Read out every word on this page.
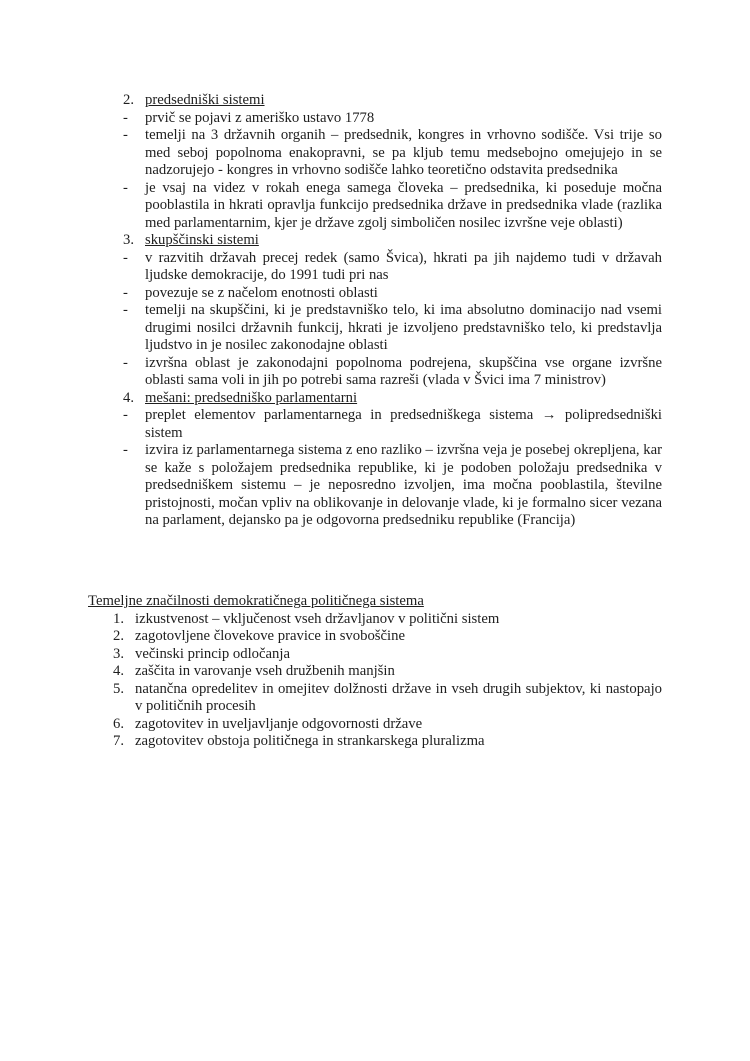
2. predsedniški sistemi
-	prvič se pojavi z ameriško ustavo 1778
-	temelji na 3 državnih organih – predsednik, kongres in vrhovno sodišče. Vsi trije so med seboj popolnoma enakopravni, se pa kljub temu medsebojno omejujejo in se nadzorujejo - kongres in vrhovno sodišče lahko teoretično odstavita predsednika
-	je vsaj na videz v rokah enega samega človeka – predsednika, ki poseduje močna pooblastila in hkrati opravlja funkcijo predsednika države in predsednika vlade (razlika med parlamentarnim, kjer je države zgolj simboličen nosilec izvršne veje oblasti)
3. skupščinski sistemi
-	v razvitih državah precej redek (samo Švica), hkrati pa jih najdemo tudi v državah ljudske demokracije, do 1991 tudi pri nas
-	povezuje se z načelom enotnosti oblasti
-	temelji na skupščini, ki je predstavniško telo, ki ima absolutno dominacijo nad vsemi drugimi nosilci državnih funkcij, hkrati je izvoljeno predstavniško telo, ki predstavlja ljudstvo in je nosilec zakonodajne oblasti
-	izvršna oblast je zakonodajni popolnoma podrejena, skupščina vse organe izvršne oblasti sama voli in jih po potrebi sama razreši (vlada v Švici ima 7 ministrov)
4. mešani: predsedniško parlamentarni
-	preplet elementov parlamentarnega in predsedniškega sistema → polipredsedniški sistem
-	izvira iz parlamentarnega sistema z eno razliko – izvršna veja je posebej okrepljena, kar se kaže s položajem predsednika republike, ki je podoben položaju predsednika v predsedniškem sistemu – je neposredno izvoljen, ima močna pooblastila, številne pristojnosti, močan vpliv na oblikovanje in delovanje vlade, ki je formalno sicer vezana na parlament, dejansko pa je odgovorna predsedniku republike (Francija)
Temeljne značilnosti demokratičnega političnega sistema
1. izkustvenost – vključenost vseh državljanov v politični sistem
2. zagotovljene človekove pravice in svoboščine
3. večinski princip odločanja
4. zaščita in varovanje vseh družbenih manjšin
5. natančna opredelitev in omejitev dolžnosti države in vseh drugih subjektov, ki nastopajo v političnih procesih
6. zagotovitev in uveljavljanje odgovornosti države
7. zagotovitev obstoja političnega in strankarskega pluralizma
